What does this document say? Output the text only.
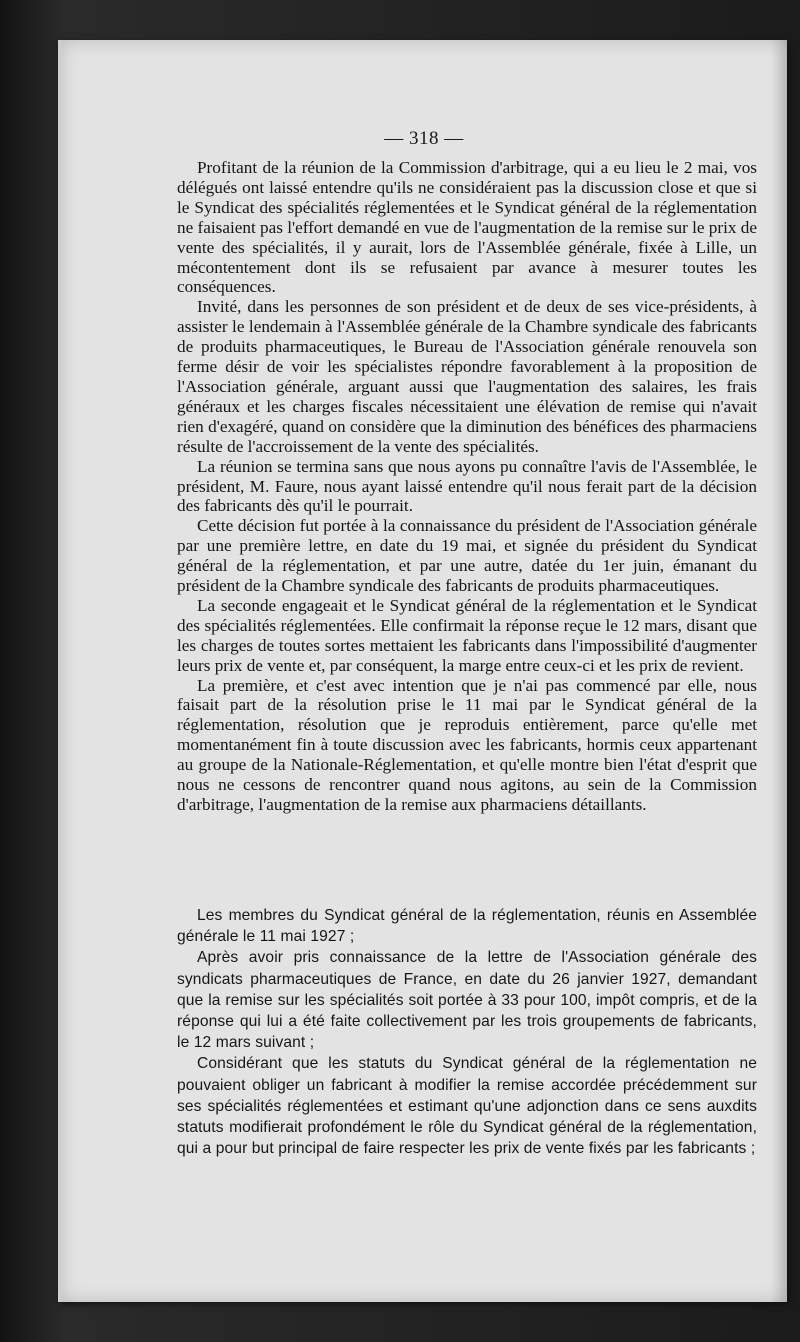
— 318 —

Profitant de la réunion de la Commission d'arbitrage, qui a eu lieu le 2 mai, vos délégués ont laissé entendre qu'ils ne considéraient pas la discussion close et que si le Syndicat des spécialités réglementées et le Syndicat général de la réglementation ne faisaient pas l'effort demandé en vue de l'augmentation de la remise sur le prix de vente des spécialités, il y aurait, lors de l'Assemblée générale, fixée à Lille, un mécontentement dont ils se refusaient par avance à mesurer toutes les conséquences.

Invité, dans les personnes de son président et de deux de ses vice-présidents, à assister le lendemain à l'Assemblée générale de la Chambre syndicale des fabricants de produits pharmaceutiques, le Bureau de l'Association générale renouvela son ferme désir de voir les spécialistes répondre favorablement à la proposition de l'Association générale, arguant aussi que l'augmentation des salaires, les frais généraux et les charges fiscales nécessitaient une élévation de remise qui n'avait rien d'exagéré, quand on considère que la diminution des bénéfices des pharmaciens résulte de l'accroissement de la vente des spécialités.

La réunion se termina sans que nous ayons pu connaître l'avis de l'Assemblée, le président, M. Faure, nous ayant laissé entendre qu'il nous ferait part de la décision des fabricants dès qu'il le pourrait.

Cette décision fut portée à la connaissance du président de l'Association générale par une première lettre, en date du 19 mai, et signée du président du Syndicat général de la réglementation, et par une autre, datée du 1er juin, émanant du président de la Chambre syndicale des fabricants de produits pharmaceutiques.

La seconde engageait et le Syndicat général de la réglementation et le Syndicat des spécialités réglementées. Elle confirmait la réponse reçue le 12 mars, disant que les charges de toutes sortes mettaient les fabricants dans l'impossibilité d'augmenter leurs prix de vente et, par conséquent, la marge entre ceux-ci et les prix de revient.

La première, et c'est avec intention que je n'ai pas commencé par elle, nous faisait part de la résolution prise le 11 mai par le Syndicat général de la réglementation, résolution que je reproduis entièrement, parce qu'elle met momentanément fin à toute discussion avec les fabricants, hormis ceux appartenant au groupe de la Nationale-Réglementation, et qu'elle montre bien l'état d'esprit que nous ne cessons de rencontrer quand nous agitons, au sein de la Commission d'arbitrage, l'augmentation de la remise aux pharmaciens détaillants.

Les membres du Syndicat général de la réglementation, réunis en Assemblée générale le 11 mai 1927 ;

Après avoir pris connaissance de la lettre de l'Association générale des syndicats pharmaceutiques de France, en date du 26 janvier 1927, demandant que la remise sur les spécialités soit portée à 33 pour 100, impôt compris, et de la réponse qui lui a été faite collectivement par les trois groupements de fabricants, le 12 mars suivant ;

Considérant que les statuts du Syndicat général de la réglementation ne pouvaient obliger un fabricant à modifier la remise accordée précédemment sur ses spécialités réglementées et estimant qu'une adjonction dans ce sens auxdits statuts modifierait profondément le rôle du Syndicat général de la réglementation, qui a pour but principal de faire respecter les prix de vente fixés par les fabricants ;
